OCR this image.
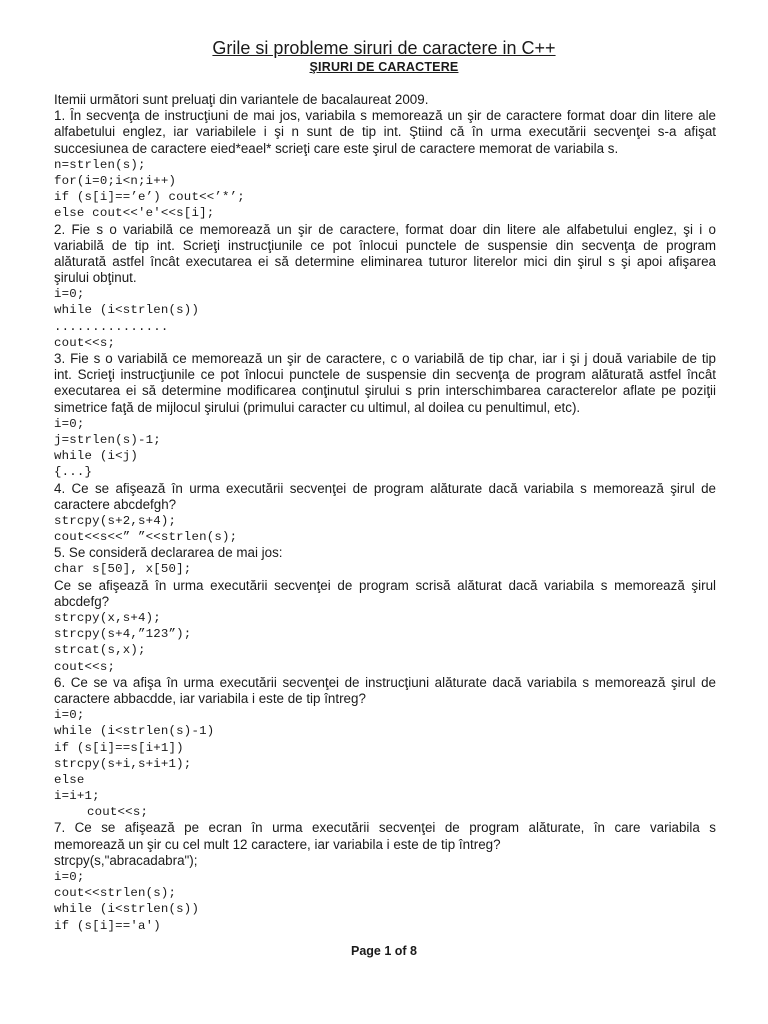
Grile si probleme siruri de caractere in C++
ŞIRURI DE CARACTERE
Itemii următori sunt preluaţi din variantele de bacalaureat 2009.
1. În secvenţa de instrucţiuni de mai jos, variabila s memorează un şir de caractere format doar din litere ale
alfabetului englez, iar variabilele i şi n sunt de tip int. Ştiind că în urma executării secvenţei s-a afişat
succesiunea de caractere eied*eael* scrieţi care este şirul de caractere memorat de variabila s.
n=strlen(s);
for(i=0;i<n;i++)
if (s[i]==’e’) cout<<’*’;
else cout<<'e'<<s[i];
2. Fie s o variabilă ce memorează un şir de caractere, format doar din litere ale alfabetului englez, şi i o
variabilă de tip int. Scrieţi instrucţiunile ce pot înlocui punctele de suspensie din secvenţa de program
alăturată astfel încât executarea ei să determine eliminarea tuturor literelor mici din şirul s şi apoi afişarea
şirului obţinut.
i=0;
while (i<strlen(s))
...............
cout<<s;
3. Fie s o variabilă ce memorează un şir de caractere, c o variabilă de tip char, iar i şi j două variabile de tip
int. Scrieţi instrucţiunile ce pot înlocui punctele de suspensie din secvenţa de program alăturată astfel încât
executarea ei să determine modificarea conţinutul şirului s prin interschimbarea caracterelor aflate pe poziţii
simetrice faţă de mijlocul şirului (primului caracter cu ultimul, al doilea cu penultimul, etc).
i=0;
j=strlen(s)-1;
while (i<j)
{...}
4. Ce se afişează în urma executării secvenţei de program alăturate dacă variabila s memorează şirul de
caractere abcdefgh?
strcpy(s+2,s+4);
cout<<s<<” ”<<strlen(s);
5. Se consideră declararea de mai jos:
char s[50], x[50];
Ce se afişează în urma executării secvenţei de program scrisă alăturat dacă variabila s memorează şirul
abcdefg?
strcpy(x,s+4);
strcpy(s+4,”123”);
strcat(s,x);
cout<<s;
6. Ce se va afişa în urma executării secvenţei de instrucţiuni alăturate dacă variabila s memorează şirul de
caractere abbacdde, iar variabila i este de tip întreg?
i=0;
while (i<strlen(s)-1)
if (s[i]==s[i+1])
strcpy(s+i,s+i+1);
else
i=i+1;
cout<<s;
7. Ce se afişează pe ecran în urma executării secvenţei de program alăturate, în care variabila s
memorează un şir cu cel mult 12 caractere, iar variabila i este de tip întreg?
strcpy(s,"abracadabra");
i=0;
cout<<strlen(s);
while (i<strlen(s))
if (s[i]=='a')
Page 1 of 8
